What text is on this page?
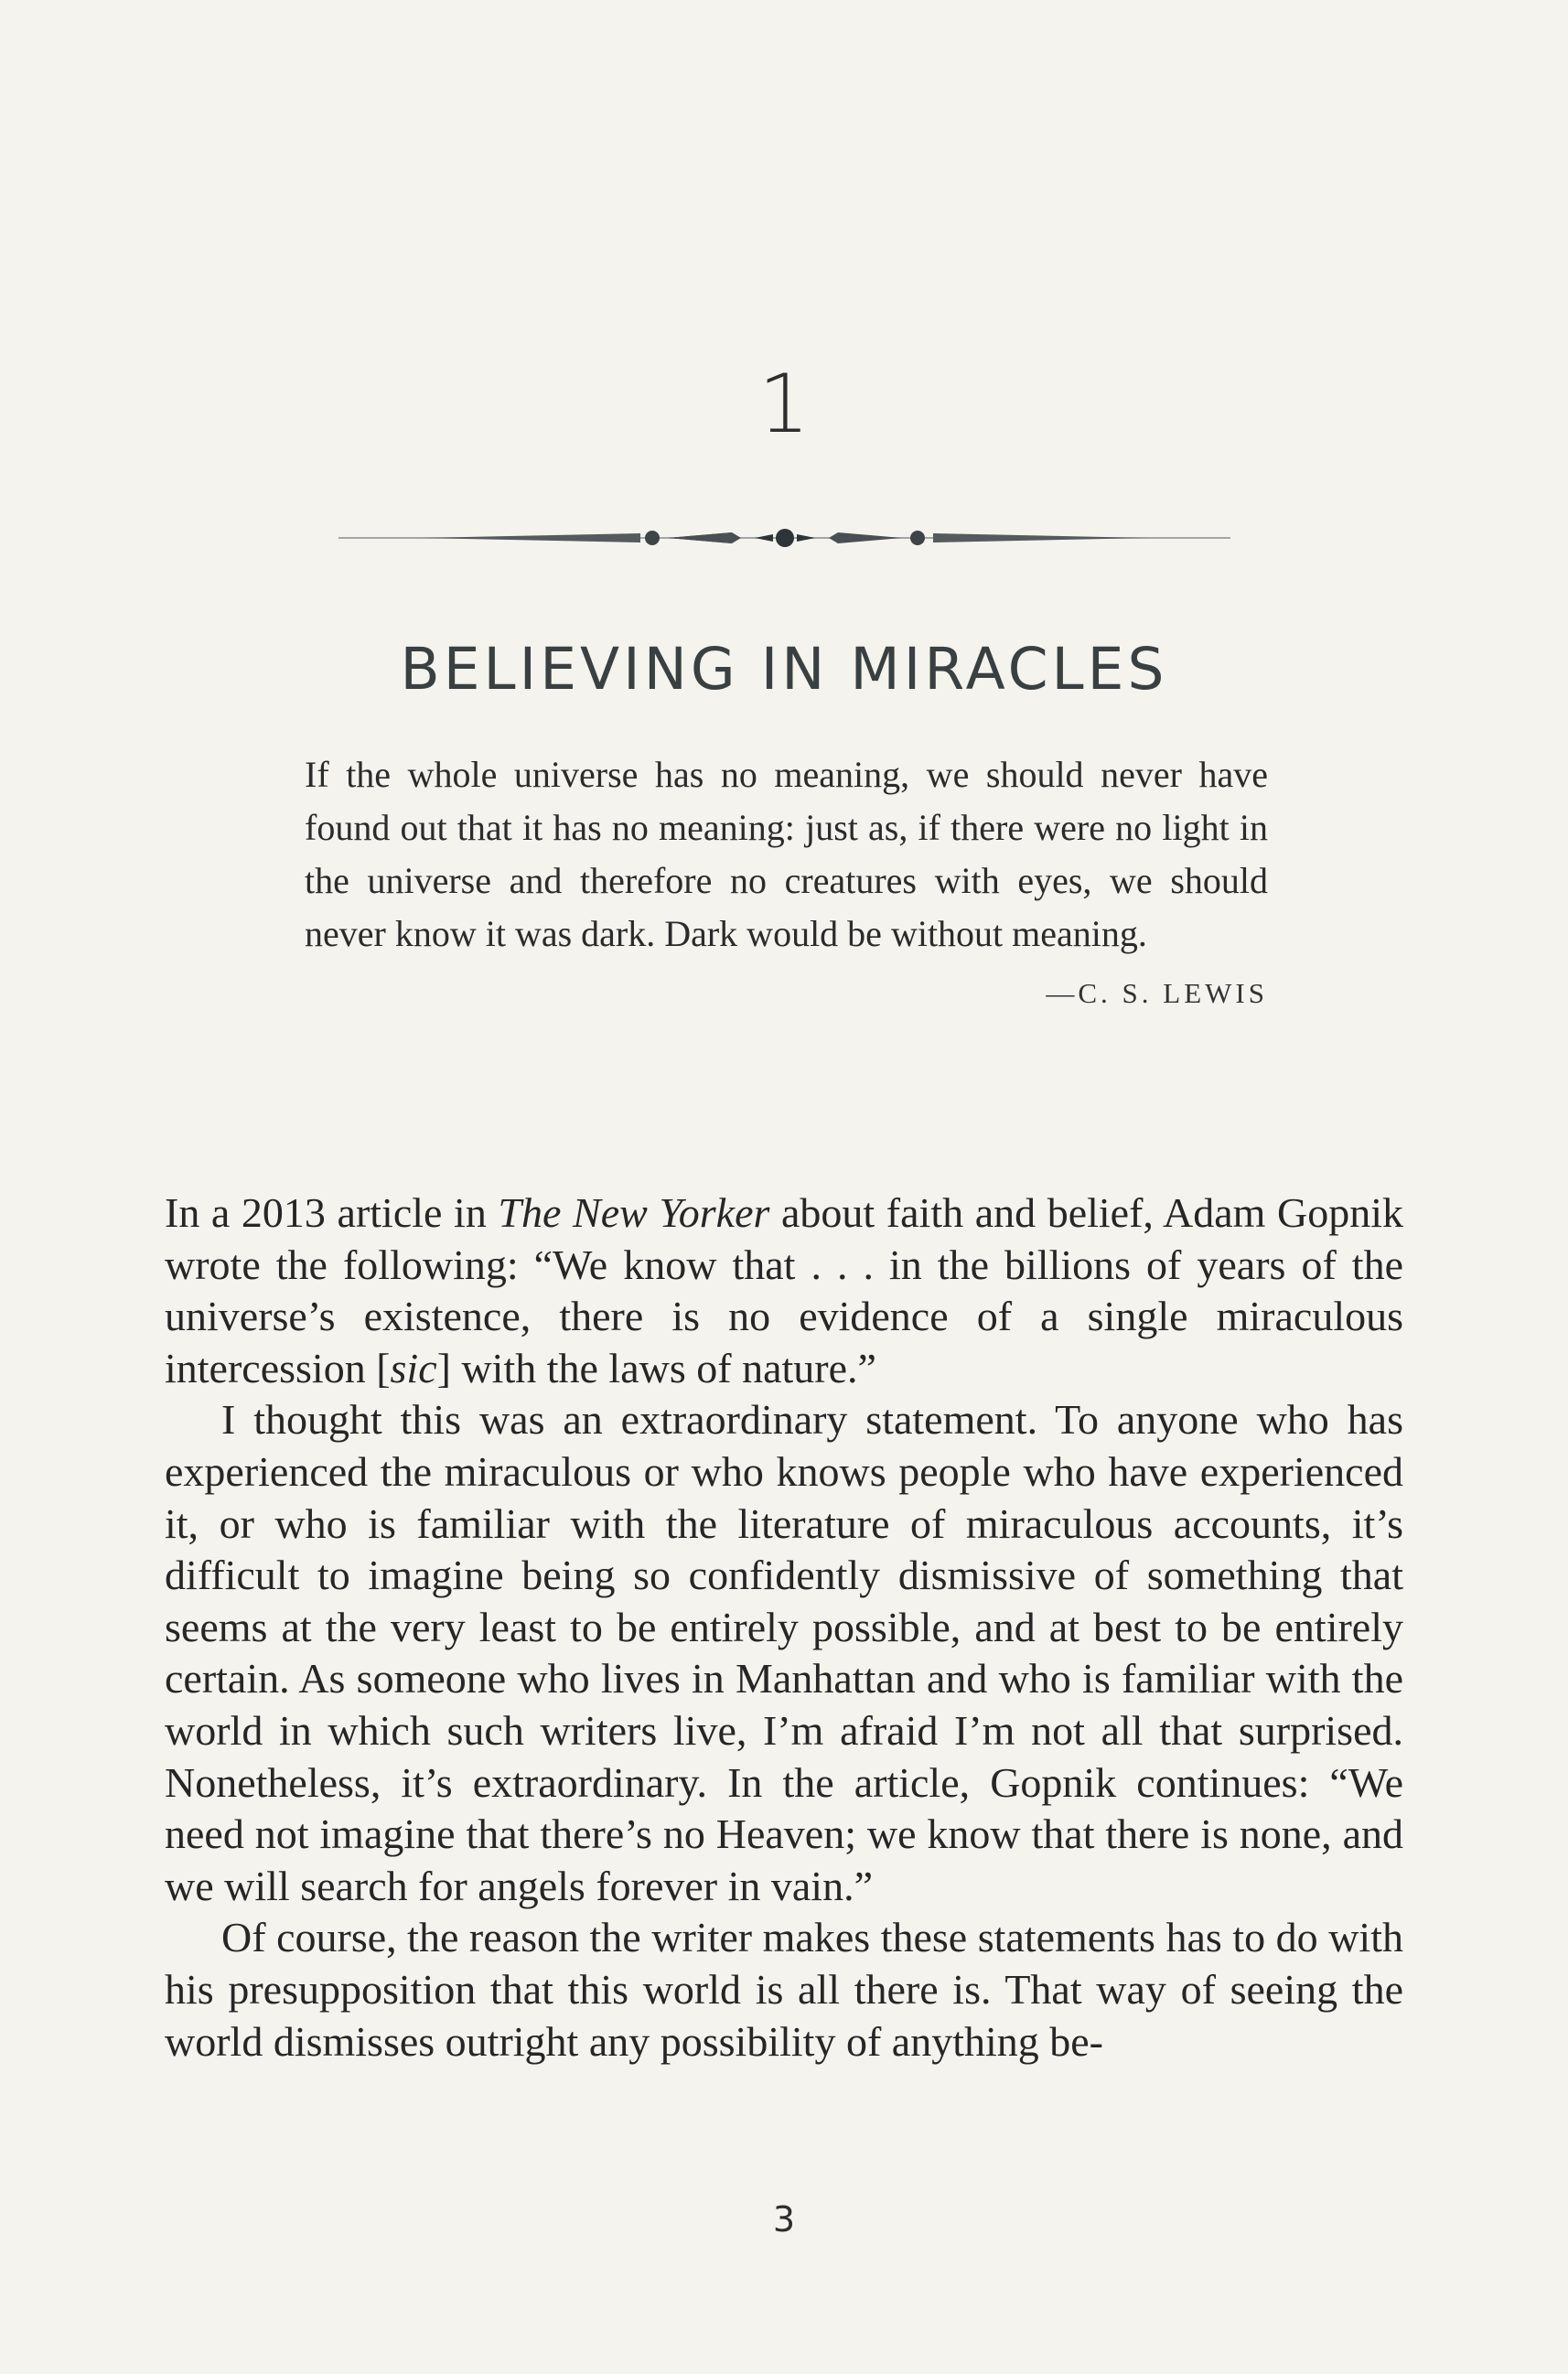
1
BELIEVING IN MIRACLES

If the whole universe has no meaning, we should never have found out that it has no meaning: just as, if there were no light in the universe and therefore no creatures with eyes, we should never know it was dark. Dark would be without meaning.

—C. S. LEWIS

In a 2013 article in The New Yorker about faith and belief, Adam Gopnik wrote the following: “We know that . . . in the billions of years of the universe’s existence, there is no evidence of a single miraculous intercession [sic] with the laws of nature.”

I thought this was an extraordinary statement. To anyone who has experienced the miraculous or who knows people who have experienced it, or who is familiar with the literature of miraculous accounts, it’s difficult to imagine being so confidently dismissive of something that seems at the very least to be entirely possible, and at best to be entirely certain. As someone who lives in Manhattan and who is familiar with the world in which such writers live, I’m afraid I’m not all that surprised. Nonetheless, it’s extraordinary. In the article, Gopnik continues: “We need not imagine that there’s no Heaven; we know that there is none, and we will search for angels forever in vain.”

Of course, the reason the writer makes these statements has to do with his presupposition that this world is all there is. That way of seeing the world dismisses outright any possibility of anything be-

3
